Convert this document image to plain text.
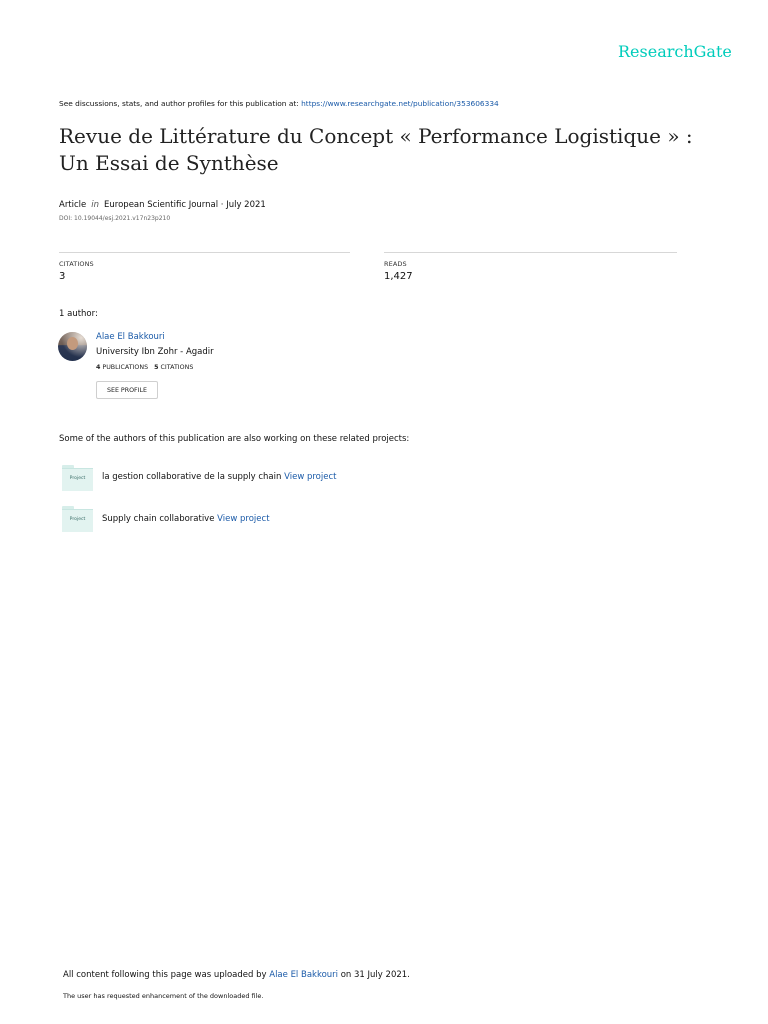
ResearchGate
See discussions, stats, and author profiles for this publication at: https://www.researchgate.net/publication/353606334
Revue de Littérature du Concept « Performance Logistique » : Un Essai de Synthèse
Article in European Scientific Journal · July 2021
DOI: 10.19044/esj.2021.v17n23p210
CITATIONS
3
READS
1,427
1 author:
Alae El Bakkouri
University Ibn Zohr - Agadir
4 PUBLICATIONS 5 CITATIONS
SEE PROFILE
Some of the authors of this publication are also working on these related projects:
Project	la gestion collaborative de la supply chain View project
Project	Supply chain collaborative View project
All content following this page was uploaded by Alae El Bakkouri on 31 July 2021.
The user has requested enhancement of the downloaded file.
